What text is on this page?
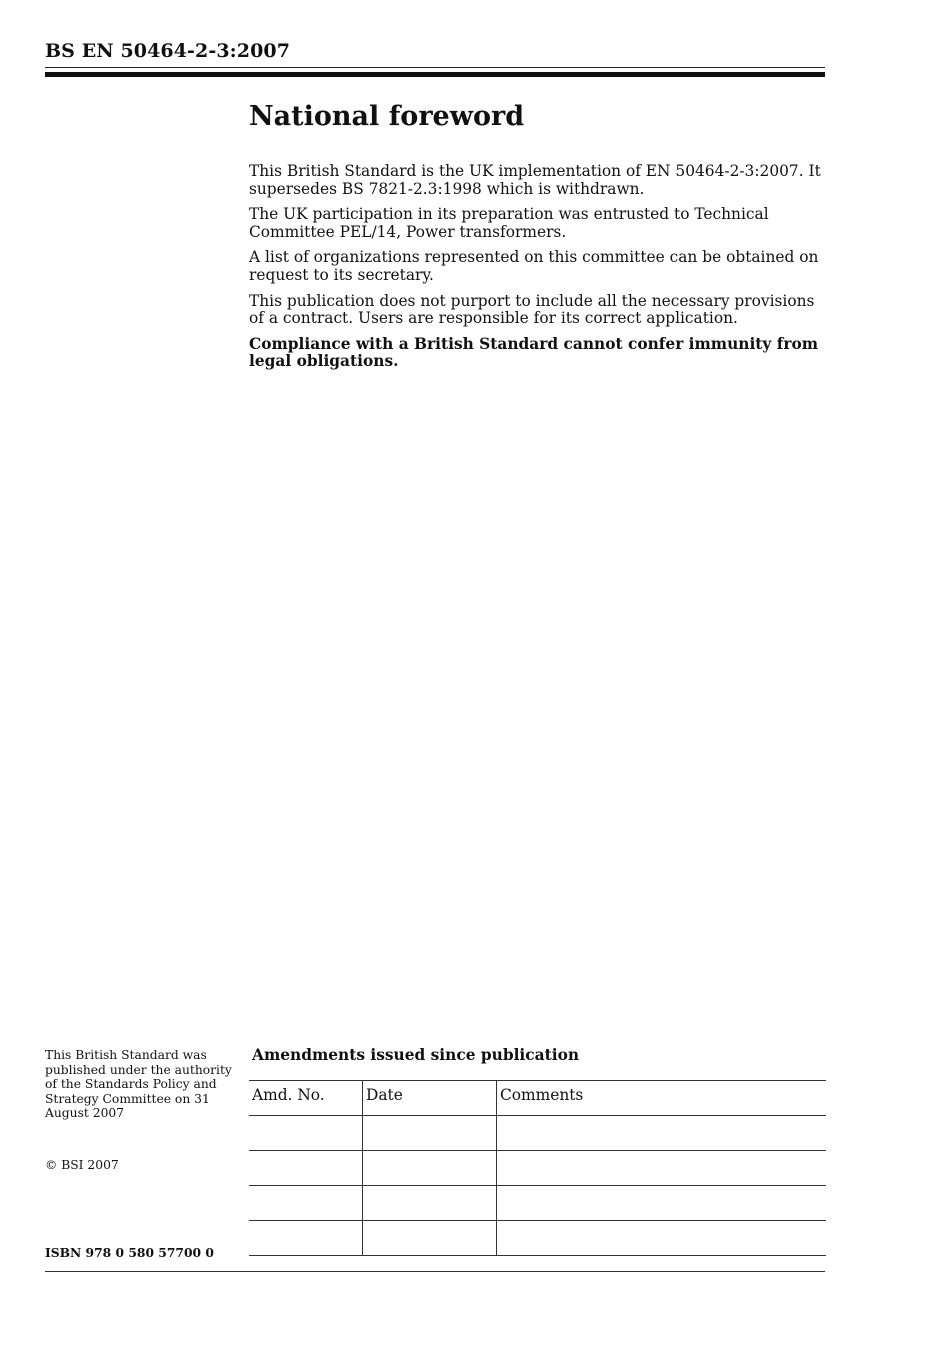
BS EN 50464-2-3:2007
National foreword

This British Standard is the UK implementation of EN 50464-2-3:2007. It supersedes BS 7821-2.3:1998 which is withdrawn.

The UK participation in its preparation was entrusted to Technical Committee PEL/14, Power transformers.

A list of organizations represented on this committee can be obtained on request to its secretary.

This publication does not purport to include all the necessary provisions of a contract. Users are responsible for its correct application.

Compliance with a British Standard cannot confer immunity from legal obligations.

This British Standard was published under the authority of the Standards Policy and Strategy Committee on 31 August 2007
© BSI 2007
ISBN 978 0 580 57700 0
Amendments issued since publication
Amd. No.	Date	Comments
